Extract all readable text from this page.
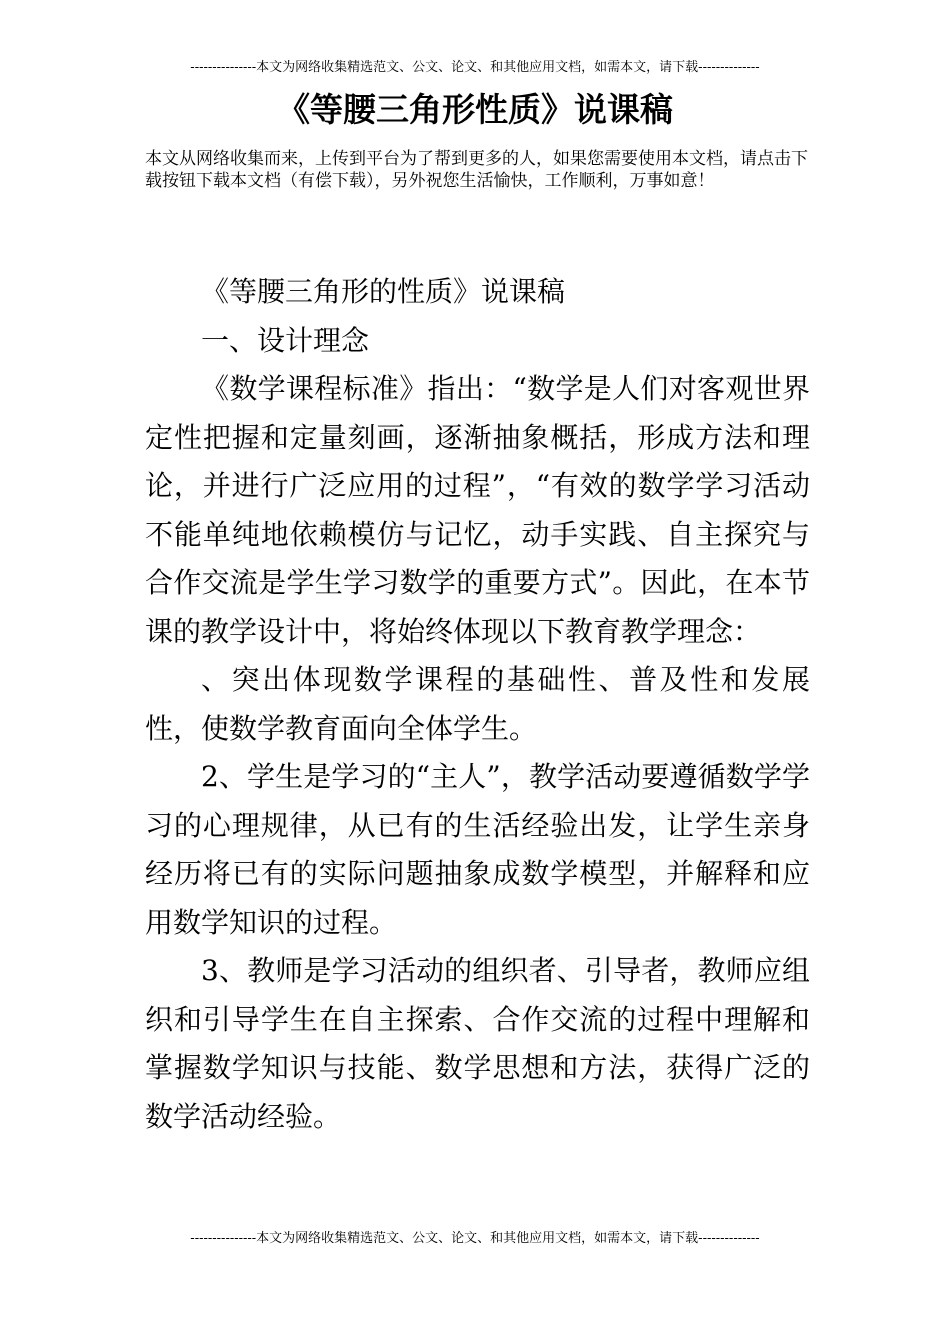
---------------本文为网络收集精选范文、公文、论文、和其他应用文档，如需本文，请下载--------------
《等腰三角形性质》说课稿

本文从网络收集而来，上传到平台为了帮到更多的人，如果您需要使用本文档，请点击下载按钮下载本文档（有偿下载），另外祝您生活愉快，工作顺利，万事如意！

《等腰三角形的性质》说课稿

一、设计理念

《数学课程标准》指出：“数学是人们对客观世界定性把握和定量刻画，逐渐抽象概括，形成方法和理论，并进行广泛应用的过程”，“有效的数学学习活动不能单纯地依赖模仿与记忆，动手实践、自主探究与合作交流是学生学习数学的重要方式”。因此，在本节课的教学设计中，将始终体现以下教育教学理念：

、突出体现数学课程的基础性、普及性和发展性，使数学教育面向全体学生。

2、学生是学习的“主人”，教学活动要遵循数学学习的心理规律，从已有的生活经验出发，让学生亲身经历将已有的实际问题抽象成数学模型，并解释和应用数学知识的过程。

3、教师是学习活动的组织者、引导者，教师应组织和引导学生在自主探索、合作交流的过程中理解和掌握数学知识与技能、数学思想和方法，获得广泛的数学活动经验。

---------------本文为网络收集精选范文、公文、论文、和其他应用文档，如需本文，请下载--------------
